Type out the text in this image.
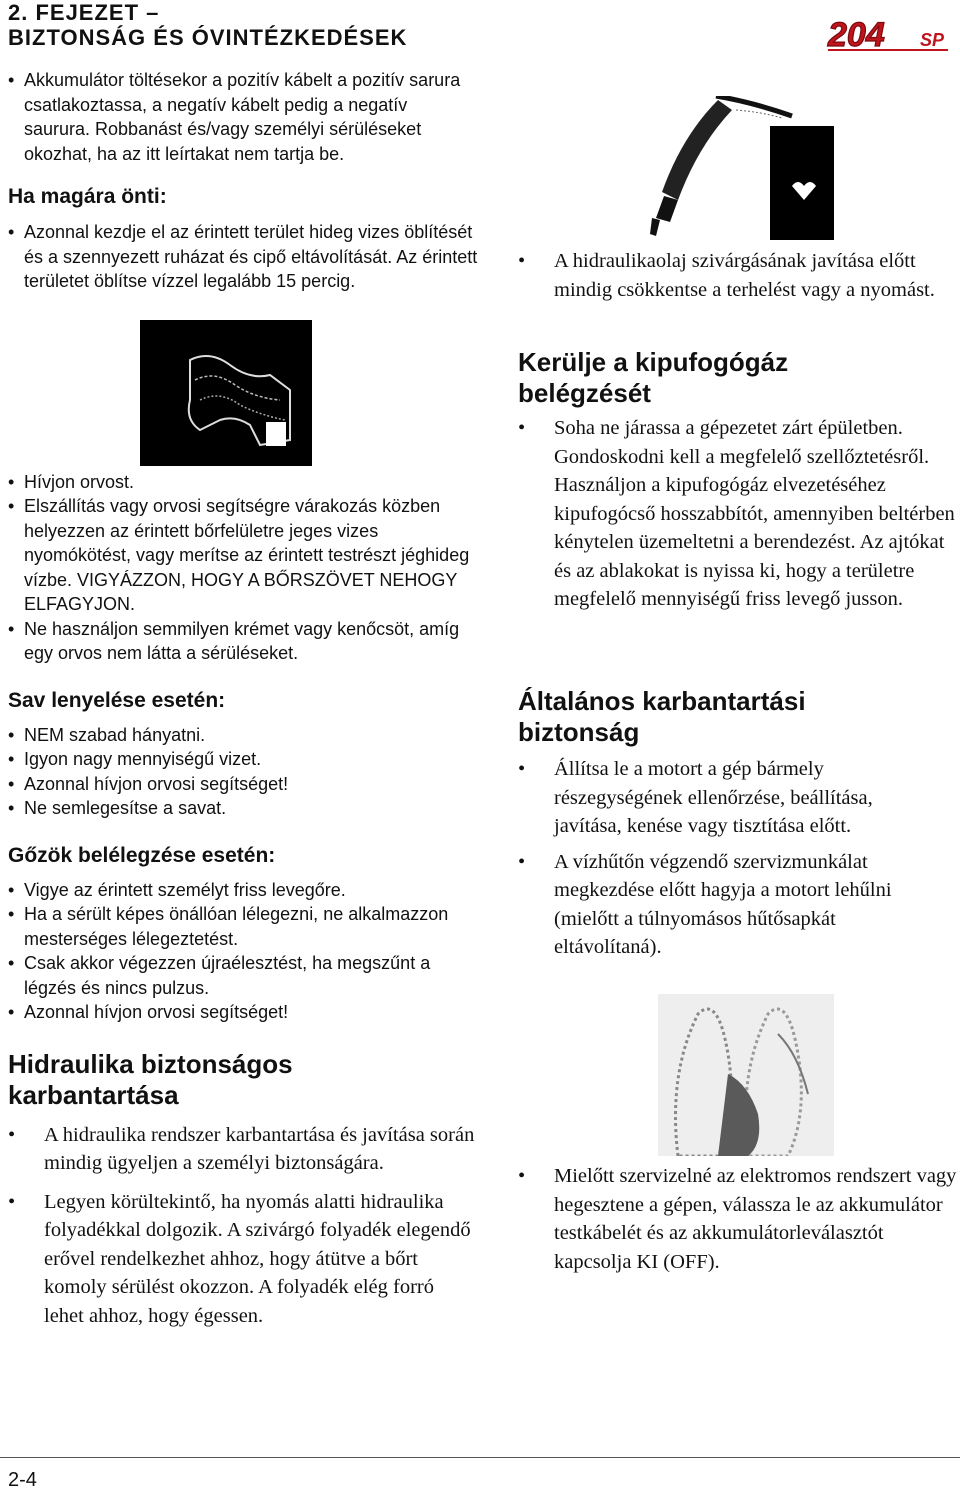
2. FEJEZET –
BIZTONSÁG ÉS ÓVINTÉZKEDÉSEK	204 SP
• Akkumulátor töltésekor a pozitív kábelt a pozitív sarura csatlakoztassa, a negatív kábelt pedig a negatív saurura. Robbanást és/vagy személyi sérüléseket okozhat, ha az itt leírtakat nem tartja be.
Ha magára önti:
• Azonnal kezdje el az érintett terület hideg vizes öblítését és a szennyezett ruházat és cipő eltávolítását. Az érintett területet öblítse vízzel legalább 15 percig.
• Hívjon orvost.
• Elszállítás vagy orvosi segítségre várakozás közben helyezzen az érintett bőrfelületre jeges vizes nyomókötést, vagy merítse az érintett testrészt jéghideg vízbe. VIGYÁZZON, HOGY A BŐRSZÖVET NEHOGY ELFAGYJON.
• Ne használjon semmilyen krémet vagy kenőcsöt, amíg egy orvos nem látta a sérüléseket.
Sav lenyelése esetén:
• NEM szabad hányatni.
• Igyon nagy mennyiségű vizet.
• Azonnal hívjon orvosi segítséget!
• Ne semlegesítse a savat.
Gőzök belélegzése esetén:
• Vigye az érintett személyt friss levegőre.
• Ha a sérült képes önállóan lélegezni, ne alkalmazzon mesterséges lélegeztetést.
• Csak akkor végezzen újraélesztést, ha megszűnt a légzés és nincs pulzus.
• Azonnal hívjon orvosi segítséget!
Hidraulika biztonságos karbantartása
• A hidraulika rendszer karbantartása és javítása során mindig ügyeljen a személyi biztonságára.
• Legyen körültekintő, ha nyomás alatti hidraulika folyadékkal dolgozik. A szivárgó folyadék elegendő erővel rendelkezhet ahhoz, hogy átütve a bőrt komoly sérülést okozzon. A folyadék elég forró lehet ahhoz, hogy égessen.
• A hidraulikaolaj szivárgásának javítása előtt mindig csökkentse a terhelést vagy a nyomást.
Kerülje a kipufogógáz belégzését
• Soha ne járassa a gépezetet zárt épületben. Gondoskodni kell a megfelelő szellőztetésről. Használjon a kipufogógáz elvezetéséhez kipufogócső hosszabbítót, amennyiben beltérben kénytelen üzemeltetni a berendezést. Az ajtókat és az ablakokat is nyissa ki, hogy a területre megfelelő mennyiségű friss levegő jusson.
Általános karbantartási biztonság
• Állítsa le a motort a gép bármely részegységének ellenőrzése, beállítása, javítása, kenése vagy tisztítása előtt.
• A vízhűtőn végzendő szervizmunkálat megkezdése előtt hagyja a motort lehűlni (mielőtt a túlnyomásos hűtősapkát eltávolítaná).
• Mielőtt szervizelné az elektromos rendszert vagy hegesztene a gépen, válassza le az akkumulátor testkábelét és az akkumulátorleválasztót kapcsolja KI (OFF).
2-4
